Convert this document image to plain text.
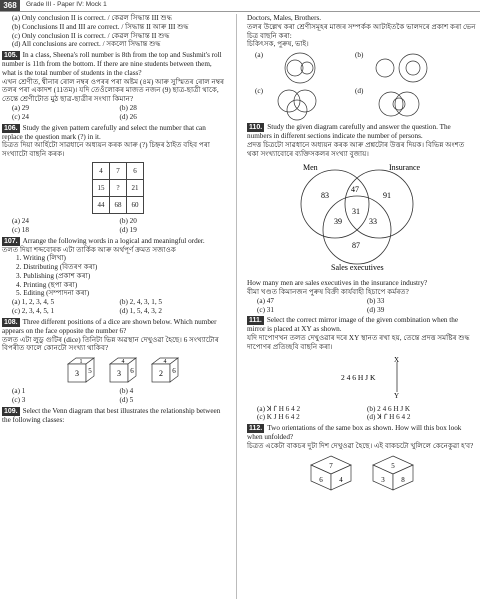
368	Grade III - Paper IV: Mock 1

(a) Only conclusion II is correct. / কেৱল সিদ্ধান্ত III শুদ্ধ

(b) Conclusions II and III are correct. / সিদ্ধান্ত II আৰু III শুদ্ধ

(c) Only conclusion II is correct. / কেৱল সিদ্ধান্ত II শুদ্ধ

(d) All conclusions are correct. / সকলো সিদ্ধান্ত শুদ্ধ

105. In a class, Sheena's roll number is 8th from the top and Sushmit's roll number is 11th from the bottom. If there are nine students between them, what is the total number of students in the class?

এখন শ্ৰেণীত, শ্বীনাৰ ৰোল নম্বৰ ওপৰৰ পৰা অষ্টম (৪ম) আৰু সুস্মিতৰ ৰোল নম্বৰ তলৰ পৰা একাদশ (11তম)। যদি তেওঁলোকৰ মাজত নজন (9) ছাত্ৰ-ছাত্ৰী থাকে, তেন্তে শ্ৰেণীটোত মুঠ ছাত্ৰ-ছাত্ৰীৰ সংখ্যা কিমান?

(a) 29	(b) 28
(c) 24	(d) 26

106. Study the given pattern carefully and select the number that can replace the question mark (?) in it.

চিত্ৰত দিয়া আৰ্হিটো সাৱধানে অধ্যয়ন কৰক আৰু (?) চিহ্নৰ ঠাইত বহিব পৰা সংখ্যাটো বাছনি কৰক।

4	7	6
15	?	21
44	68	60
(a) 24	(b) 20
(c) 18	(d) 19

107. Arrange the following words in a logical and meaningful order.

তলত দিয়া শব্দবোৰক এটা তাৰ্কিক আৰু অৰ্থপূৰ্ণ ক্ৰমত সজাওক

1. Writing (লিখা)

2. Distributing (বিতৰণ কৰা)

3. Publishing (প্ৰকাশ কৰা)

4. Printing (ছপা কৰা)

5. Editing (সম্পাদনা কৰা)

(a) 1, 2, 3, 4, 5	(b) 2, 4, 3, 1, 5
(c) 2, 3, 4, 5, 1	(d) 1, 5, 4, 3, 2

108. Three different positions of a dice are shown below. Which number appears on the face opposite the number 6?

তলত এটা লুডু গুটিৰ (dice) তিনিটা ভিন্ন অৱস্থান দেখুওৱা হৈছে। 6 সংখ্যাটোৰ বিপৰীত ফালে কোনটো সংখ্যা থাকিব?

3 5
1
3 6
4
2 6
4
(a) 1	(b) 4
(c) 3	(d) 5

109. Select the Venn diagram that best illustrates the relationship between the following classes:

Doctors, Males, Brothers.

তলৰ উল্লেখ কৰা শ্ৰেণীসমূহৰ মাজৰ সম্পৰ্কক আটাইতকৈ ভালদৰে প্ৰকাশ কৰা ভেন চিত্ৰ বাছনি কৰা:

চিকিৎসক, পুৰুষ, ভাই।

(a)	(b)
(c)	(d)

110. Study the given diagram carefully and answer the question. The numbers in different sections indicate the number of persons.

প্ৰদত্ত চিত্ৰটো সাৱধানে অধ্যয়ন কৰক আৰু প্ৰশ্নটোৰ উত্তৰ দিয়ক। বিভিন্ন অংশত থকা সংখ্যাবোৰে ব্যক্তিসকলৰ সংখ্যা বুজায়।

Men	Insurance
Sales executives
83
47
91
31
39	33
87

How many men are sales executives in the insurance industry?

বীমা খণ্ডত কিমানজন পুৰুষ বিক্ৰী কাৰ্যবাহী হিচাপে কৰ্মৰত?

(a) 47	(b) 33
(c) 31	(d) 39

111. Select the correct mirror image of the given combination when the mirror is placed at XY as shown.

যদি দাপোণখন তলত দেখুওৱাৰ দৰে XY স্থানত ৰখা হয়, তেন্তে প্ৰদত্ত সমষ্টিৰ শুদ্ধ দাপোণৰ প্ৰতিচ্ছবি বাছনি কৰা।

X
Y
2 4 6 H J K
(a) ꓘ ꓩ H 6 4 2	(b) 2 4 6 H J K
(c) K J H 6 4 2	(d) ꓘ ꓩ H 6 4 2

112. Two orientations of the same box as shown. How will this box look when unfolded?

চিত্ৰত একেটা বাকচৰ দুটা দিশ দেখুওৱা হৈছে। এই বাকচটো খুলিলে কেনেকুৱা হ'ব?

7
6 4
5
3 8
